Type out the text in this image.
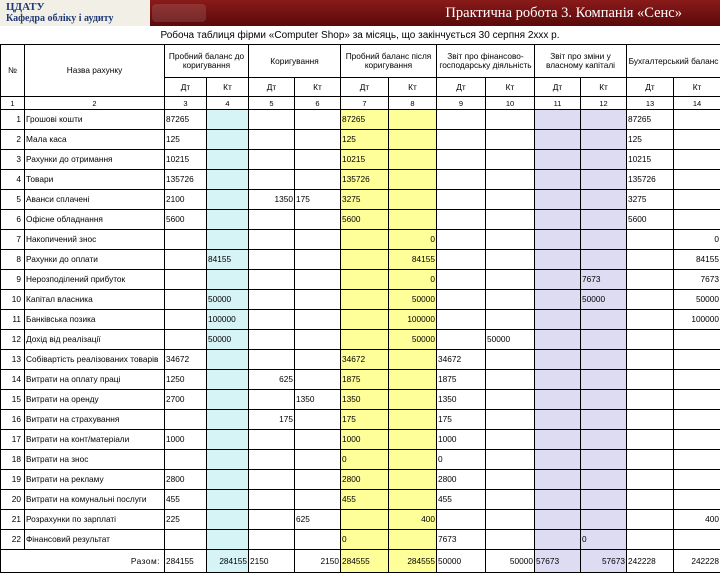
ЦДАТУ
Кафедра обліку і аудиту	Практична робота 3. Компанія «Сенс»
Робоча таблиця фірми «Computer Shop» за місяць, що закінчується 30 серпня 2ххх р.
№	Назва рахунку	Пробний баланс до коригування		Коригування		Пробний баланс після коригування		Звіт про фінансово-господарську діяльність		Звіт про зміни у власному капіталі		Бухгалтерський баланс	
		Дт	Кт	Дт	Кт	Дт	Кт	Дт	Кт	Дт	Кт	Дт	Кт
1	2	3	4	5	6	7	8	9	10	11	12	13	14
1	Грошові кошти	87265				87265						87265	
2	Мала каса	125				125						125	
3	Рахунки до отримання	10215				10215						10215	
4	Товари	135726				135726						135726	
5	Аванси сплачені	2100		1350	175	3275						3275	
6	Офісне обладнання	5600				5600						5600	
7	Накопичений знос						0						0
8	Рахунки до оплати		84155				84155						84155
9	Нерозподілений прибуток						0				7673		7673
10	Капітал власника		50000				50000				50000		50000
11	Банківська позика		100000				100000						100000
12	Дохід від реалізації		50000				50000		50000				
13	Собівартість реалізованих товарів	34672				34672		34672					
14	Витрати на оплату праці	1250		625		1875		1875					
15	Витрати на оренду	2700			1350	1350		1350					
16	Витрати на страхування			175		175		175					
17	Витрати на конт/матеріали	1000				1000		1000					
18	Витрати на знос					0		0					
19	Витрати на рекламу	2800				2800		2800					
20	Витрати на комунальні послуги	455				455		455					
21	Розрахунки по зарплаті	225			625		400						400
22	Фінансовий результат					0		7673			0		
Разом:		284155	284155	2150	2150	284555	284555	50000	50000	57673	57673	242228	242228
